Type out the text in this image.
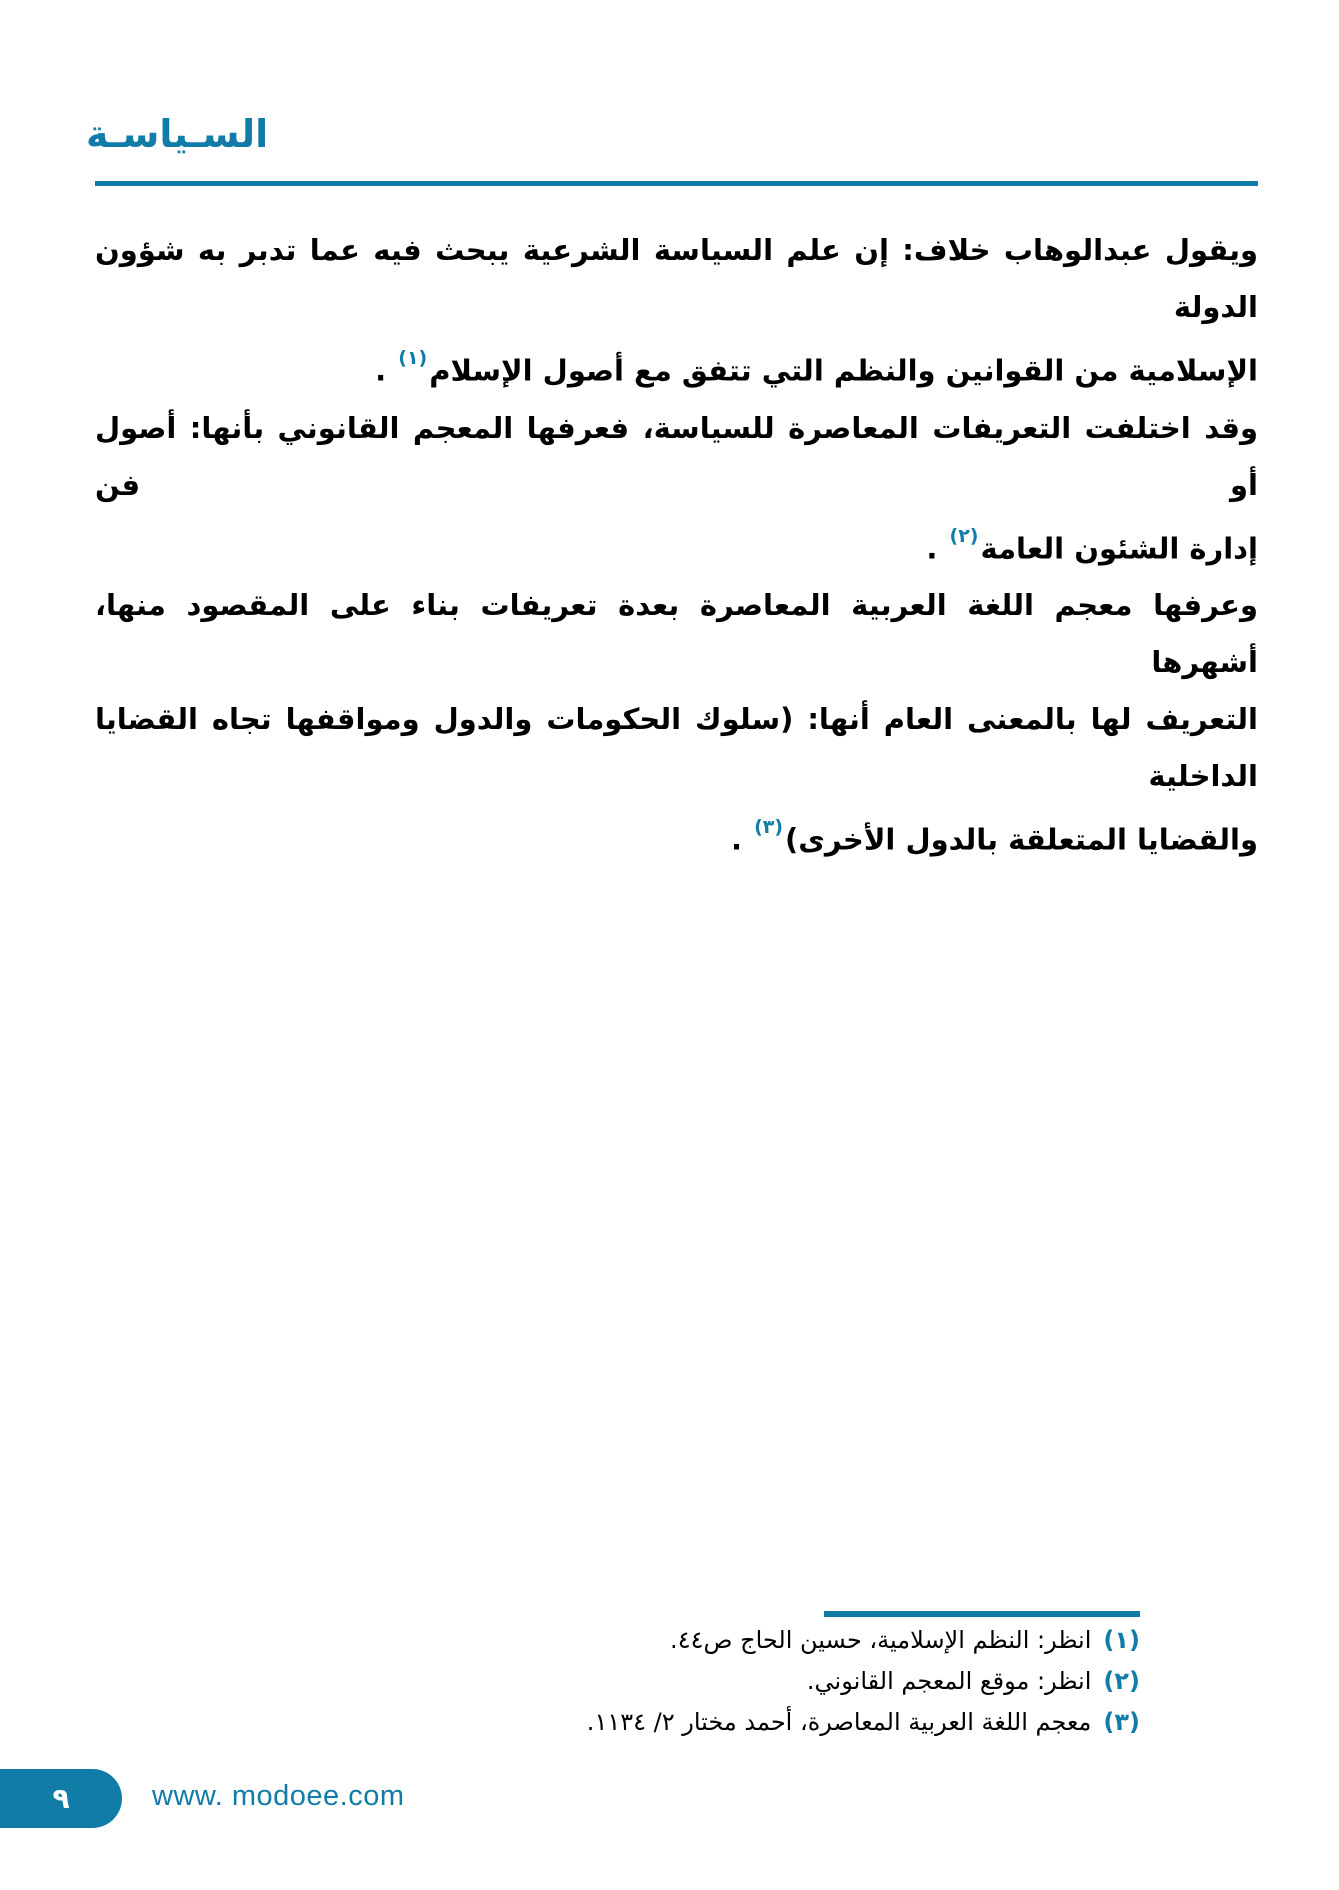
السـياسـة

ويقول عبدالوهاب خلاف: إن علم السياسة الشرعية يبحث فيه عما تدبر به شؤون الدولة

الإسلامية من القوانين والنظم التي تتفق مع أصول الإسلام$^{(١)}$ .

وقد اختلفت التعريفات المعاصرة للسياسة، فعرفها المعجم القانوني بأنها: أصول أو فن

إدارة الشئون العامة$^{(٢)}$ .

وعرفها معجم اللغة العربية المعاصرة بعدة تعريفات بناء على المقصود منها، أشهرها

التعريف لها بالمعنى العام أنها: (سلوك الحكومات والدول ومواقفها تجاه القضايا الداخلية

والقضايا المتعلقة بالدول الأخرى)$^{(٣)}$ .

(١)انظر: النظم الإسلامية، حسين الحاج ص٤٤.
(٢)انظر: موقع المعجم القانوني.
(٣)معجم اللغة العربية المعاصرة، أحمد مختار ٢/ ١١٣٤.
٩	www. modoee.com
